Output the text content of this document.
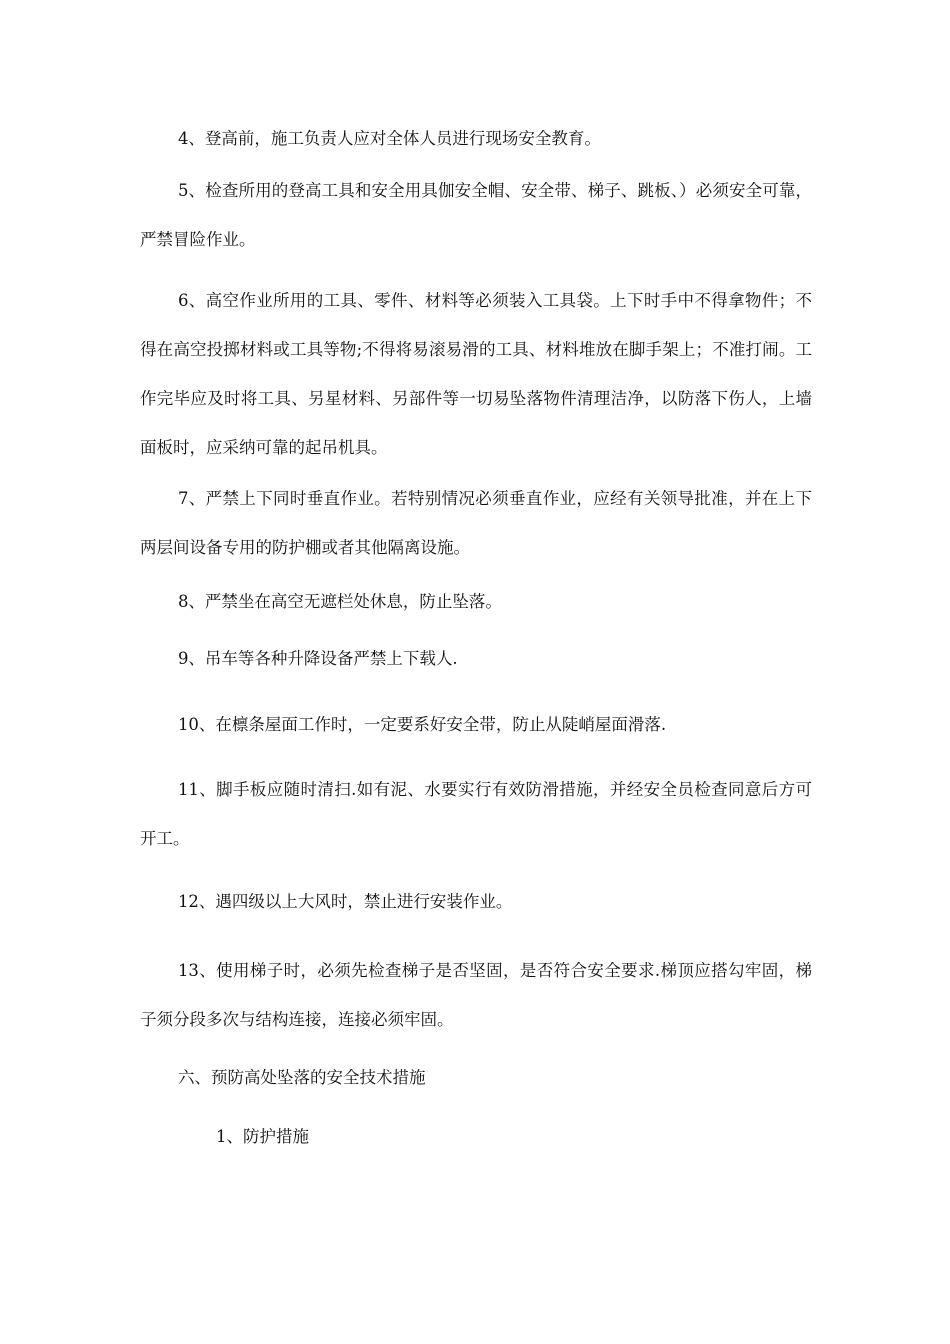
4、登高前，施工负责人应对全体人员进行现场安全教育。

5、检查所用的登高工具和安全用具伽安全帽、安全带、梯子、跳板、）必须安全可靠，严禁冒险作业。

6、高空作业所用的工具、零件、材料等必须装入工具袋。上下时手中不得拿物件；不得在高空投掷材料或工具等物;不得将易滚易滑的工具、材料堆放在脚手架上；不准打闹。工作完毕应及时将工具、另星材料、另部件等一切易坠落物件清理洁净，以防落下伤人，上墙面板时，应采纳可靠的起吊机具。

7、严禁上下同时垂直作业。若特别情况必须垂直作业，应经有关领导批准，并在上下两层间设备专用的防护棚或者其他隔离设施。

8、严禁坐在高空无遮栏处休息，防止坠落。

9、吊车等各种升降设备严禁上下载人.

10、在檩条屋面工作时，一定要系好安全带，防止从陡峭屋面滑落.

11、脚手板应随时清扫.如有泥、水要实行有效防滑措施，并经安全员检查同意后方可开工。

12、遇四级以上大风时，禁止进行安装作业。

13、使用梯子时，必须先检查梯子是否坚固，是否符合安全要求.梯顶应搭勾牢固，梯子须分段多次与结构连接，连接必须牢固。

六、预防高处坠落的安全技术措施

1、防护措施
